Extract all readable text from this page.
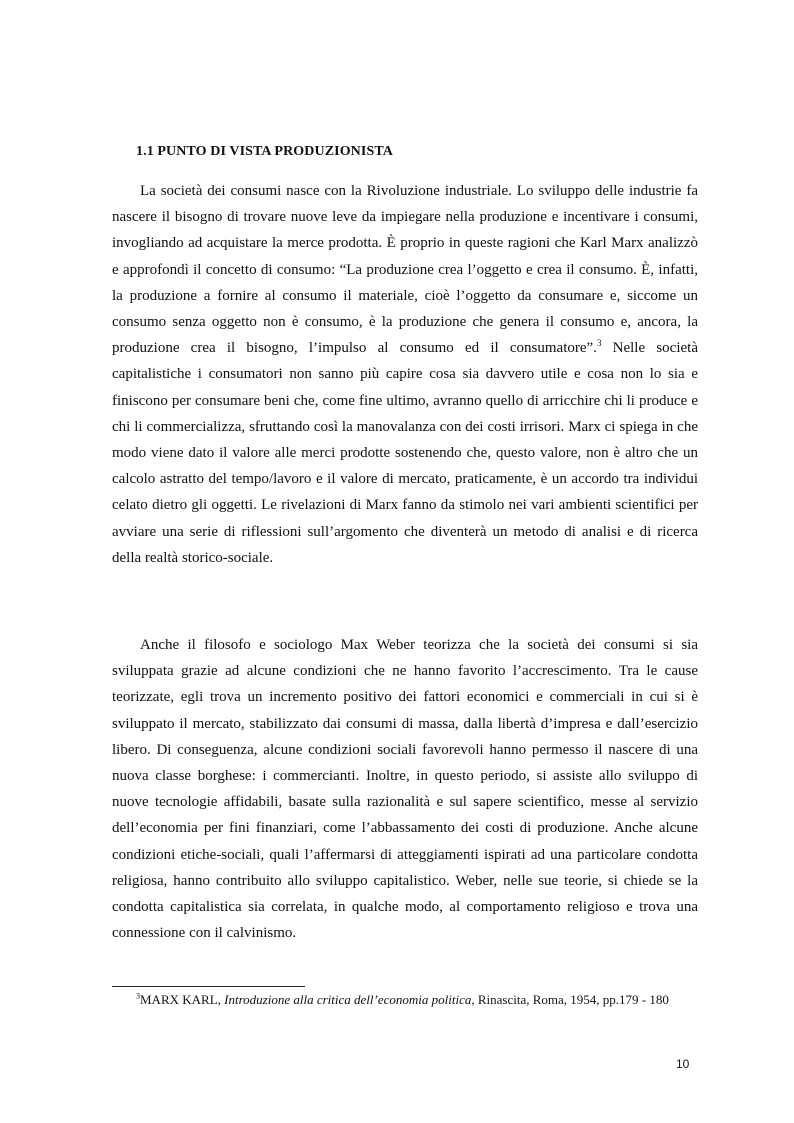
1.1 PUNTO DI VISTA PRODUZIONISTA

La società dei consumi nasce con la Rivoluzione industriale. Lo sviluppo delle industrie fa nascere il bisogno di trovare nuove leve da impiegare nella produzione e incentivare i consumi, invogliando ad acquistare la merce prodotta. È proprio in queste ragioni che Karl Marx analizzò e approfondì il concetto di consumo: “La produzione crea l’oggetto e crea il consumo. È, infatti, la produzione a fornire al consumo il materiale, cioè l’oggetto da consumare e, siccome un consumo senza oggetto non è consumo, è la produzione che genera il consumo e, ancora, la produzione crea il bisogno, l’impulso al consumo ed il consumatore”.$^3$ Nelle società capitalistiche i consumatori non sanno più capire cosa sia davvero utile e cosa non lo sia e finiscono per consumare beni che, come fine ultimo, avranno quello di arricchire chi li produce e chi li commercializza, sfruttando così la manovalanza con dei costi irrisori. Marx ci spiega in che modo viene dato il valore alle merci prodotte sostenendo che, questo valore, non è altro che un calcolo astratto del tempo/lavoro e il valore di mercato, praticamente, è un accordo tra individui celato dietro gli oggetti. Le rivelazioni di Marx fanno da stimolo nei vari ambienti scientifici per avviare una serie di riflessioni sull’argomento che diventerà un metodo di analisi e di ricerca della realtà storico-sociale.

Anche il filosofo e sociologo Max Weber teorizza che la società dei consumi si sia sviluppata grazie ad alcune condizioni che ne hanno favorito l’accrescimento. Tra le cause teorizzate, egli trova un incremento positivo dei fattori economici e commerciali in cui si è sviluppato il mercato, stabilizzato dai consumi di massa, dalla libertà d’impresa e dall’esercizio libero. Di conseguenza, alcune condizioni sociali favorevoli hanno permesso il nascere di una nuova classe borghese: i commercianti. Inoltre, in questo periodo, si assiste allo sviluppo di nuove tecnologie affidabili, basate sulla razionalità e sul sapere scientifico, messe al servizio dell’economia per fini finanziari, come l’abbassamento dei costi di produzione. Anche alcune condizioni etiche-sociali, quali l’affermarsi di atteggiamenti ispirati ad una particolare condotta religiosa, hanno contribuito allo sviluppo capitalistico. Weber, nelle sue teorie, si chiede se la condotta capitalistica sia correlata, in qualche modo, al comportamento religioso e trova una connessione con il calvinismo.

$^3$MARX KARL, Introduzione alla critica dell’economia politica, Rinascita, Roma, 1954, pp.179 - 180
10
